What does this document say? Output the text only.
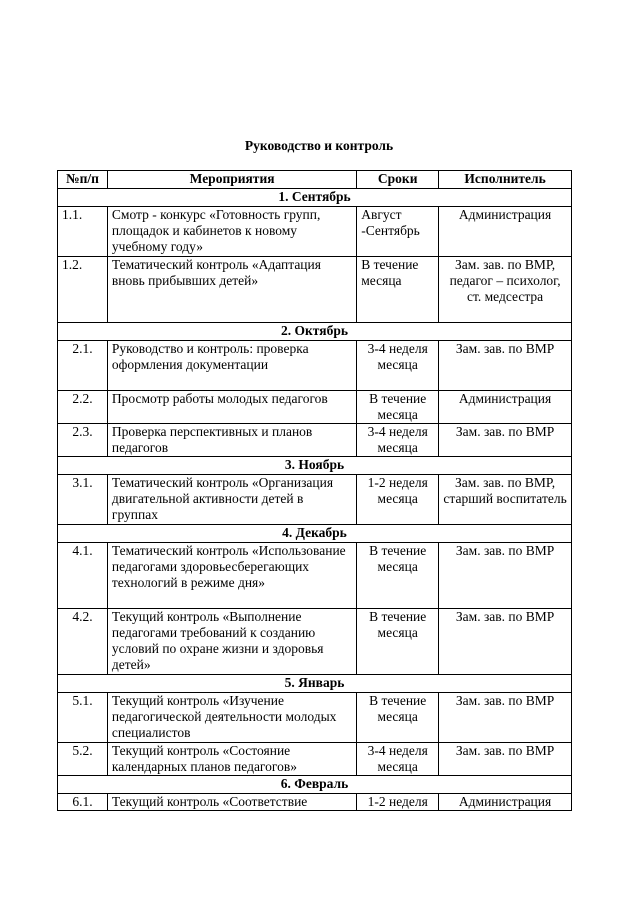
Руководство и контроль
№п/п	Мероприятия	Сроки	Исполнитель
1. Сентябрь			
1.1.	Смотр - конкурс «Готовность групп, площадок и кабинетов к новому учебному году»	Август -Сентябрь	Администрация
1.2.	Тематический контроль «Адаптация вновь прибывших детей»	В течение месяца	Зам. зав. по ВМР, педагог – психолог, ст. медсестра
2. Октябрь			
2.1.	Руководство и контроль: проверка оформления документации	3-4 неделя месяца	Зам. зав. по ВМР
2.2.	Просмотр работы молодых педагогов	В течение месяца	Администрация
2.3.	Проверка перспективных и планов педагогов	3-4 неделя месяца	Зам. зав. по ВМР
3. Ноябрь			
3.1.	Тематический контроль «Организация двигательной активности детей в группах	1-2 неделя месяца	Зам. зав. по ВМР, старший воспитатель
4. Декабрь			
4.1.	Тематический контроль «Использование педагогами здоровьесберегающих технологий в режиме дня»	В течение месяца	Зам. зав. по ВМР
4.2.	Текущий контроль «Выполнение педагогами требований к созданию условий по охране жизни и здоровья детей»	В течение месяца	Зам. зав. по ВМР
5. Январь			
5.1.	Текущий контроль «Изучение педагогической деятельности молодых специалистов	В течение месяца	Зам. зав. по ВМР
5.2.	Текущий контроль «Состояние календарных планов педагогов»	3-4 неделя месяца	Зам. зав. по ВМР
6. Февраль			
6.1.	Текущий контроль «Соответствие	1-2 неделя	Администрация
